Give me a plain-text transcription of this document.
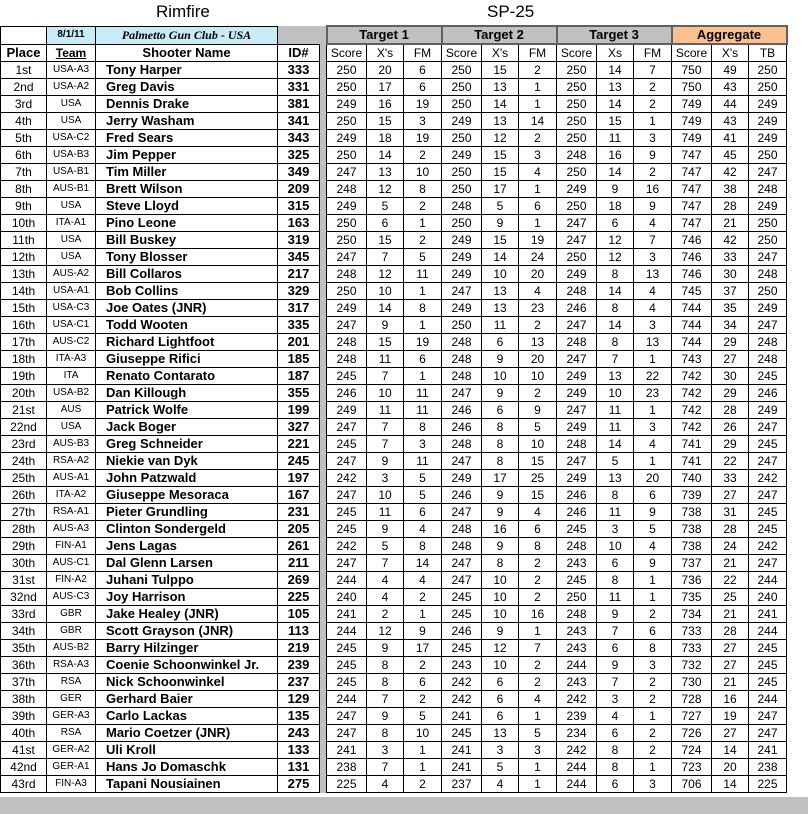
Rimfire	SP-25
	8/1/11	Palmetto Gun Club - USA			Target 1			Target 2			Target 3			Aggregate		
Place	Team	Shooter Name	ID#		Score	X's	FM	Score	X's	FM	Score	Xs	FM	Score	X's	TB
1st	USA-A3	Tony Harper	333		250	20	6	250	15	2	250	14	7	750	49	250
2nd	USA-A2	Greg Davis	331		250	17	6	250	13	1	250	13	2	750	43	250
3rd	USA	Dennis Drake	381		249	16	19	250	14	1	250	14	2	749	44	249
4th	USA	Jerry Washam	341		250	15	3	249	13	14	250	15	1	749	43	249
5th	USA-C2	Fred Sears	343		249	18	19	250	12	2	250	11	3	749	41	249
6th	USA-B3	Jim Pepper	325		250	14	2	249	15	3	248	16	9	747	45	250
7th	USA-B1	Tim Miller	349		247	13	10	250	15	4	250	14	2	747	42	247
8th	AUS-B1	Brett Wilson	209		248	12	8	250	17	1	249	9	16	747	38	248
9th	USA	Steve Lloyd	315		249	5	2	248	5	6	250	18	9	747	28	249
10th	ITA-A1	Pino Leone	163		250	6	1	250	9	1	247	6	4	747	21	250
11th	USA	Bill Buskey	319		250	15	2	249	15	19	247	12	7	746	42	250
12th	USA	Tony Blosser	345		247	7	5	249	14	24	250	12	3	746	33	247
13th	AUS-A2	Bill Collaros	217		248	12	11	249	10	20	249	8	13	746	30	248
14th	USA-A1	Bob Collins	329		250	10	1	247	13	4	248	14	4	745	37	250
15th	USA-C3	Joe Oates (JNR)	317		249	14	8	249	13	23	246	8	4	744	35	249
16th	USA-C1	Todd Wooten	335		247	9	1	250	11	2	247	14	3	744	34	247
17th	AUS-C2	Richard Lightfoot	201		248	15	19	248	6	13	248	8	13	744	29	248
18th	ITA-A3	Giuseppe Rifici	185		248	11	6	248	9	20	247	7	1	743	27	248
19th	ITA	Renato Contarato	187		245	7	1	248	10	10	249	13	22	742	30	245
20th	USA-B2	Dan Killough	355		246	10	11	247	9	2	249	10	23	742	29	246
21st	AUS	Patrick Wolfe	199		249	11	11	246	6	9	247	11	1	742	28	249
22nd	USA	Jack Boger	327		247	7	8	246	8	5	249	11	3	742	26	247
23rd	AUS-B3	Greg Schneider	221		245	7	3	248	8	10	248	14	4	741	29	245
24th	RSA-A2	Niekie van Dyk	245		247	9	11	247	8	15	247	5	1	741	22	247
25th	AUS-A1	John Patzwald	197		242	3	5	249	17	25	249	13	20	740	33	242
26th	ITA-A2	Giuseppe Mesoraca	167		247	10	5	246	9	15	246	8	6	739	27	247
27th	RSA-A1	Pieter Grundling	231		245	11	6	247	9	4	246	11	9	738	31	245
28th	AUS-A3	Clinton Sondergeld	205		245	9	4	248	16	6	245	3	5	738	28	245
29th	FIN-A1	Jens Lagas	261		242	5	8	248	9	8	248	10	4	738	24	242
30th	AUS-C1	Dal Glenn Larsen	211		247	7	14	247	8	2	243	6	9	737	21	247
31st	FIN-A2	Juhani Tulppo	269		244	4	4	247	10	2	245	8	1	736	22	244
32nd	AUS-C3	Joy Harrison	225		240	4	2	245	10	2	250	11	1	735	25	240
33rd	GBR	Jake Healey (JNR)	105		241	2	1	245	10	16	248	9	2	734	21	241
34th	GBR	Scott Grayson (JNR)	113		244	12	9	246	9	1	243	7	6	733	28	244
35th	AUS-B2	Barry Hilzinger	219		245	9	17	245	12	7	243	6	8	733	27	245
36th	RSA-A3	Coenie Schoonwinkel Jr.	239		245	8	2	243	10	2	244	9	3	732	27	245
37th	RSA	Nick Schoonwinkel	237		245	8	6	242	6	2	243	7	2	730	21	245
38th	GER	Gerhard Baier	129		244	7	2	242	6	4	242	3	2	728	16	244
39th	GER-A3	Carlo Lackas	135		247	9	5	241	6	1	239	4	1	727	19	247
40th	RSA	Mario Coetzer (JNR)	243		247	8	10	245	13	5	234	6	2	726	27	247
41st	GER-A2	Uli Kroll	133		241	3	1	241	3	3	242	8	2	724	14	241
42nd	GER-A1	Hans Jo Domaschk	131		238	7	1	241	5	1	244	8	1	723	20	238
43rd	FIN-A3	Tapani Nousiainen	275		225	4	2	237	4	1	244	6	3	706	14	225
